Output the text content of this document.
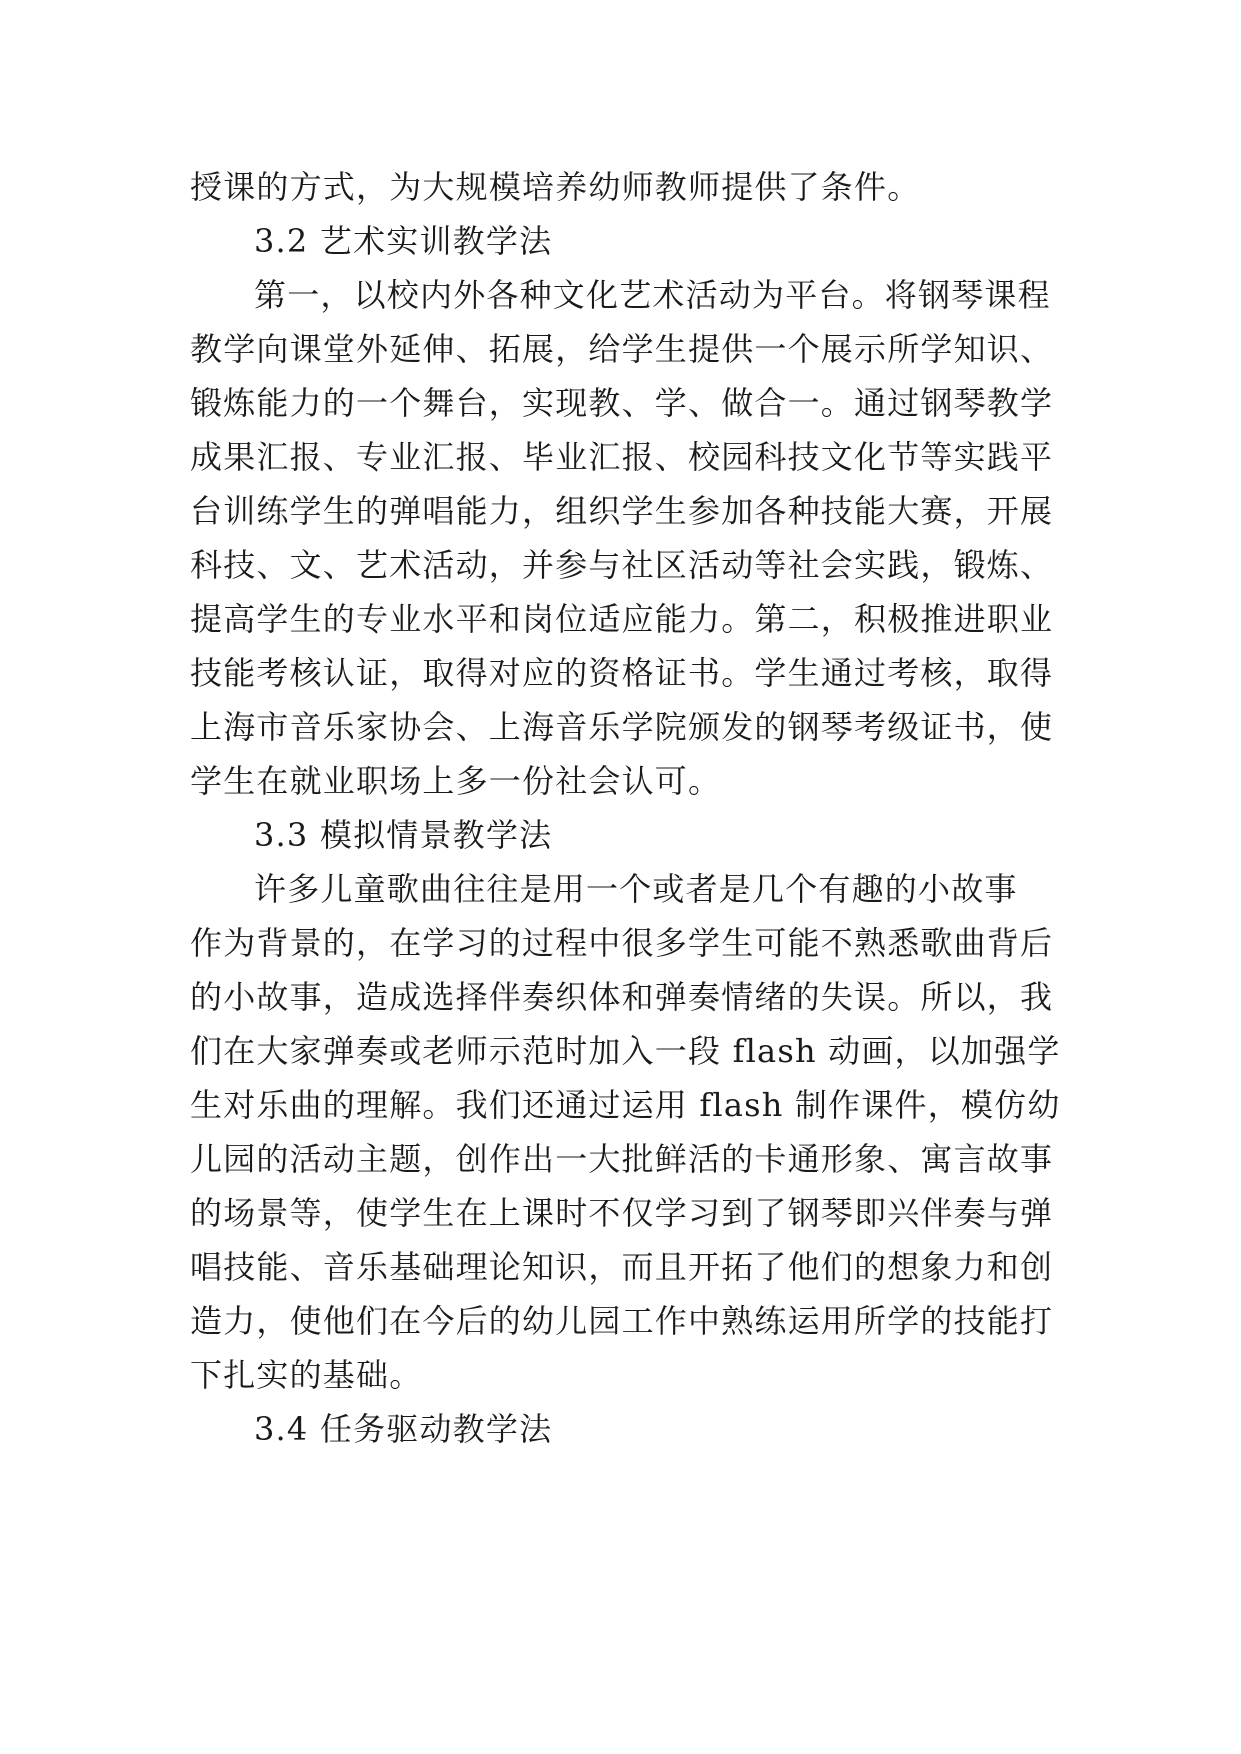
授课的方式，为大规模培养幼师教师提供了条件。
3.2 艺术实训教学法
第一，以校内外各种文化艺术活动为平台。将钢琴课程
教学向课堂外延伸、拓展，给学生提供一个展示所学知识、
锻炼能力的一个舞台，实现教、学、做合一。通过钢琴教学
成果汇报、专业汇报、毕业汇报、校园科技文化节等实践平
台训练学生的弹唱能力，组织学生参加各种技能大赛，开展
科技、文、艺术活动，并参与社区活动等社会实践，锻炼、
提高学生的专业水平和岗位适应能力。第二，积极推进职业
技能考核认证，取得对应的资格证书。学生通过考核，取得
上海市音乐家协会、上海音乐学院颁发的钢琴考级证书，使
学生在就业职场上多一份社会认可。
3.3 模拟情景教学法
许多儿童歌曲往往是用一个或者是几个有趣的小故事
作为背景的，在学习的过程中很多学生可能不熟悉歌曲背后
的小故事，造成选择伴奏织体和弹奏情绪的失误。所以，我
们在大家弹奏或老师示范时加入一段 flash 动画，以加强学
生对乐曲的理解。我们还通过运用 flash 制作课件，模仿幼
儿园的活动主题，创作出一大批鲜活的卡通形象、寓言故事
的场景等，使学生在上课时不仅学习到了钢琴即兴伴奏与弹
唱技能、音乐基础理论知识，而且开拓了他们的想象力和创
造力，使他们在今后的幼儿园工作中熟练运用所学的技能打
下扎实的基础。
3.4 任务驱动教学法
